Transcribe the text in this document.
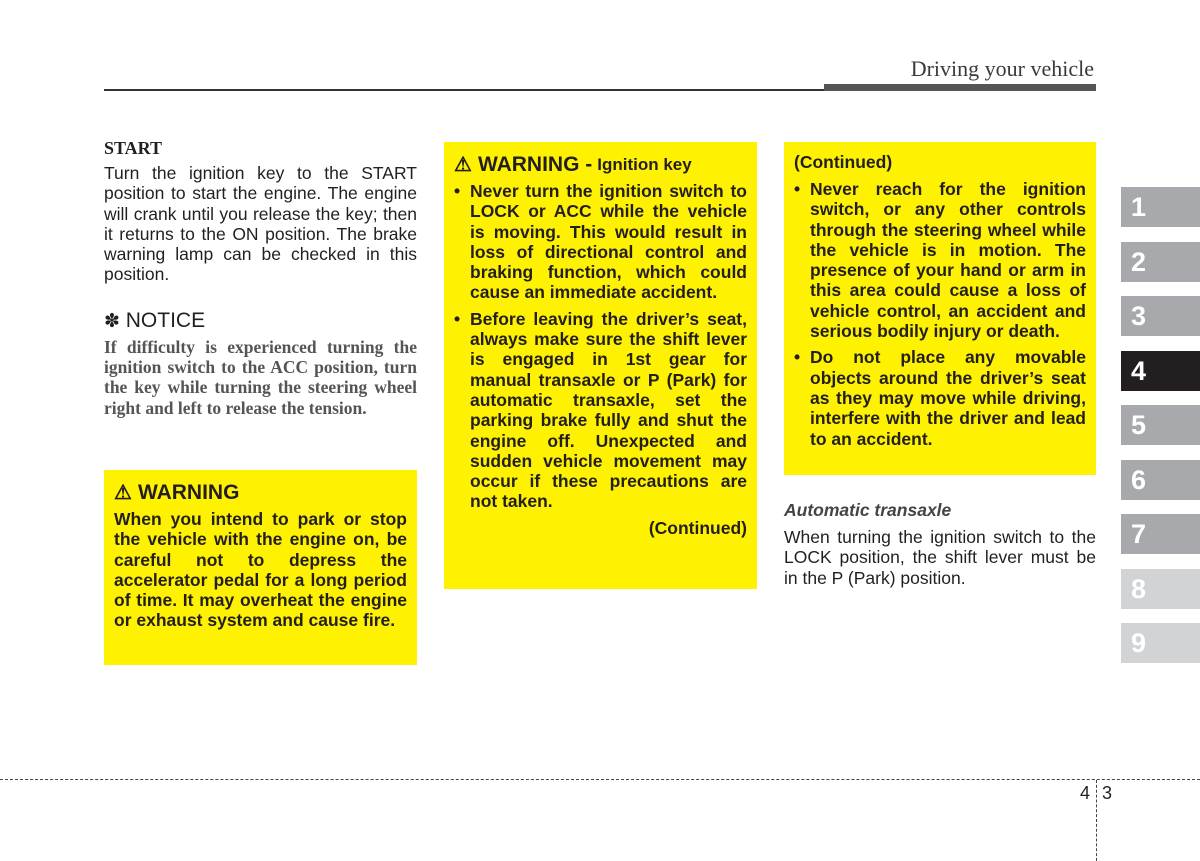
Driving your vehicle
START

Turn the ignition key to the START position to start the engine. The engine will crank until you release the key; then it returns to the ON position. The brake warning lamp can be checked in this position.

✽ NOTICE

If difficulty is experienced turning the ignition switch to the ACC position, turn the key while turning the steering wheel right and left to release the tension.

⚠ WARNING

When you intend to park or stop the vehicle with the engine on, be careful not to depress the accelerator pedal for a long period of time. It may overheat the engine or exhaust system and cause fire.

⚠ WARNING - Ignition key
• Never turn the ignition switch to LOCK or ACC while the vehicle is moving. This would result in loss of directional control and braking function, which could cause an immediate accident.
• Before leaving the driver’s seat, always make sure the shift lever is engaged in 1st gear for manual transaxle or P (Park) for automatic transaxle, set the parking brake fully and shut the engine off. Unexpected and sudden vehicle movement may occur if these precautions are not taken.
(Continued)
(Continued)
• Never reach for the ignition switch, or any other controls through the steering wheel while the vehicle is in motion. The presence of your hand or arm in this area could cause a loss of vehicle control, an accident and serious bodily injury or death.
• Do not place any movable objects around the driver’s seat as they may move while driving, interfere with the driver and lead to an accident.
Automatic transaxle

When turning the ignition switch to the LOCK position, the shift lever must be in the P (Park) position.

1
2
3
4
5
6
7
8
9
4 3
